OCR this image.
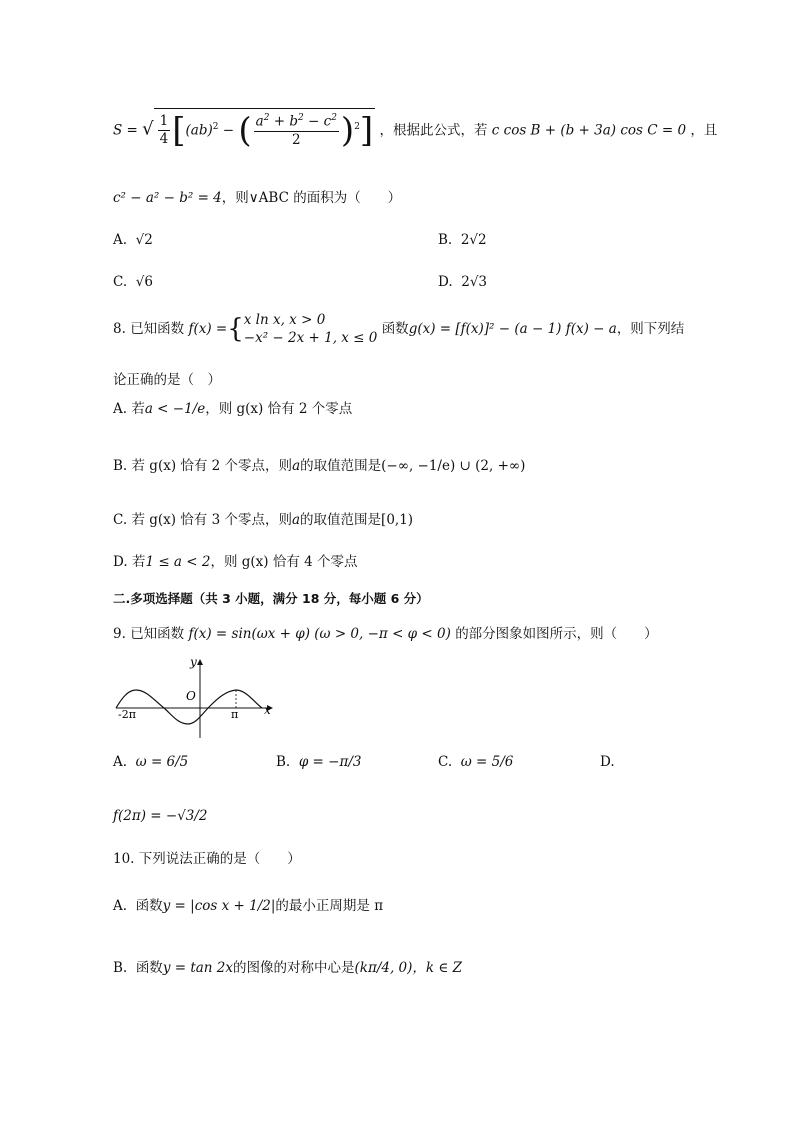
S = √ $\frac{1}{4} [(ab)^2$ − ( $\frac{a^2 + b^2 - c^2}{2} )^2$] ，根据此公式，若 c cos B + (b + 3a) cos C = 0 ，且
c² − a² − b² = 4，则∨ABC 的面积为（　　）
A. √2	B. 2√2
C. √6	D. 2√3
8. 已知函数 f(x) ={ x ln x, x > 0
−x² − 2x + 1, x ≤ 0
函数g(x) = [f(x)]² − (a − 1) f(x) − a，则下列结
论正确的是（　）
A. 若a < −1/e，则 g(x) 恰有 2 个零点
B. 若 g(x) 恰有 2 个零点，则a的取值范围是(−∞, −1/e) ∪ (2, +∞)
C. 若 g(x) 恰有 3 个零点，则a的取值范围是[0,1)
D. 若1 ≤ a < 2，则 g(x) 恰有 4 个零点
二.多项选择题（共 3 小题，满分 18 分，每小题 6 分）
9. 已知函数 f(x) = sin(ωx + φ) (ω > 0, −π < φ < 0) 的部分图象如图所示，则（　　）
y
x
O
-2π	π
A. ω = 6/5	B. φ = −π/3	C. ω = 5/6	D.
f(2π) = −√3/2
10. 下列说法正确的是（　　）
A. 函数y = |cos x + 1/2|的最小正周期是 π
B. 函数y = tan 2x的图像的对称中心是(kπ/4, 0)，k ∈ Z
